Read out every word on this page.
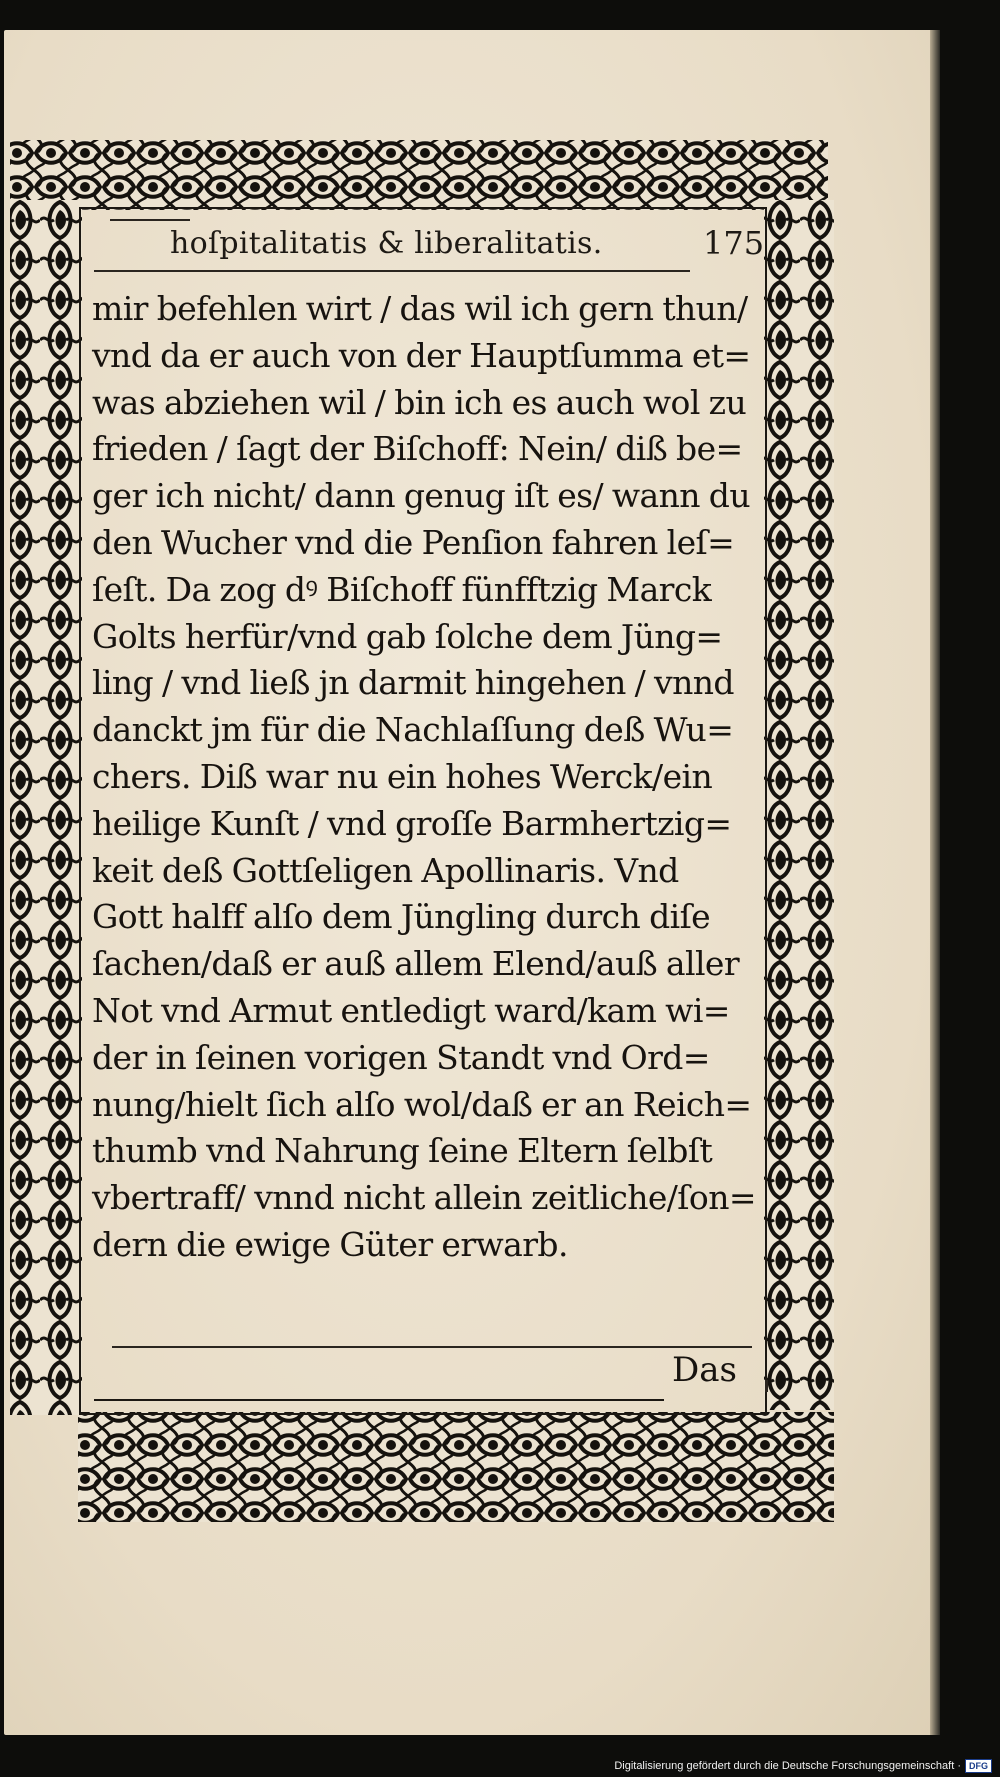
hoſpitalitatis & liberalitatis.	175
mir befehlen wirt / das wil ich gern thun/
vnd da er auch von der Hauptſumma et=
was abziehen wil / bin ich es auch wol zu
frieden / ſagt der Biſchoff: Nein/ diß be=
ger ich nicht/ dann genug iſt es/ wann du
den Wucher vnd die Penſion fahren leſ=
ſeſt. Da zog dꝰ Biſchoff fünfftzig Marck
Golts herfür/vnd gab ſolche dem Jüng=
ling / vnd ließ jn darmit hingehen / vnnd
danckt jm für die Nachlaſſung deß Wu=
chers. Diß war nu ein hohes Werck/ein
heilige Kunſt / vnd groſſe Barmhertzig=
keit deß Gottſeligen Apollinaris. Vnd
Gott halff alſo dem Jüngling durch diſe
ſachen/daß er auß allem Elend/auß aller
Not vnd Armut entledigt ward/kam wi=
der in ſeinen vorigen Standt vnd Ord=
nung/hielt ſich alſo wol/daß er an Reich=
thumb vnd Nahrung ſeine Eltern ſelbſt
vbertraff/ vnnd nicht allein zeitliche/ſon=
dern die ewige Güter erwarb.
Das
Digitalisierung gefördert durch die Deutsche Forschungsgemeinschaft · DFG
